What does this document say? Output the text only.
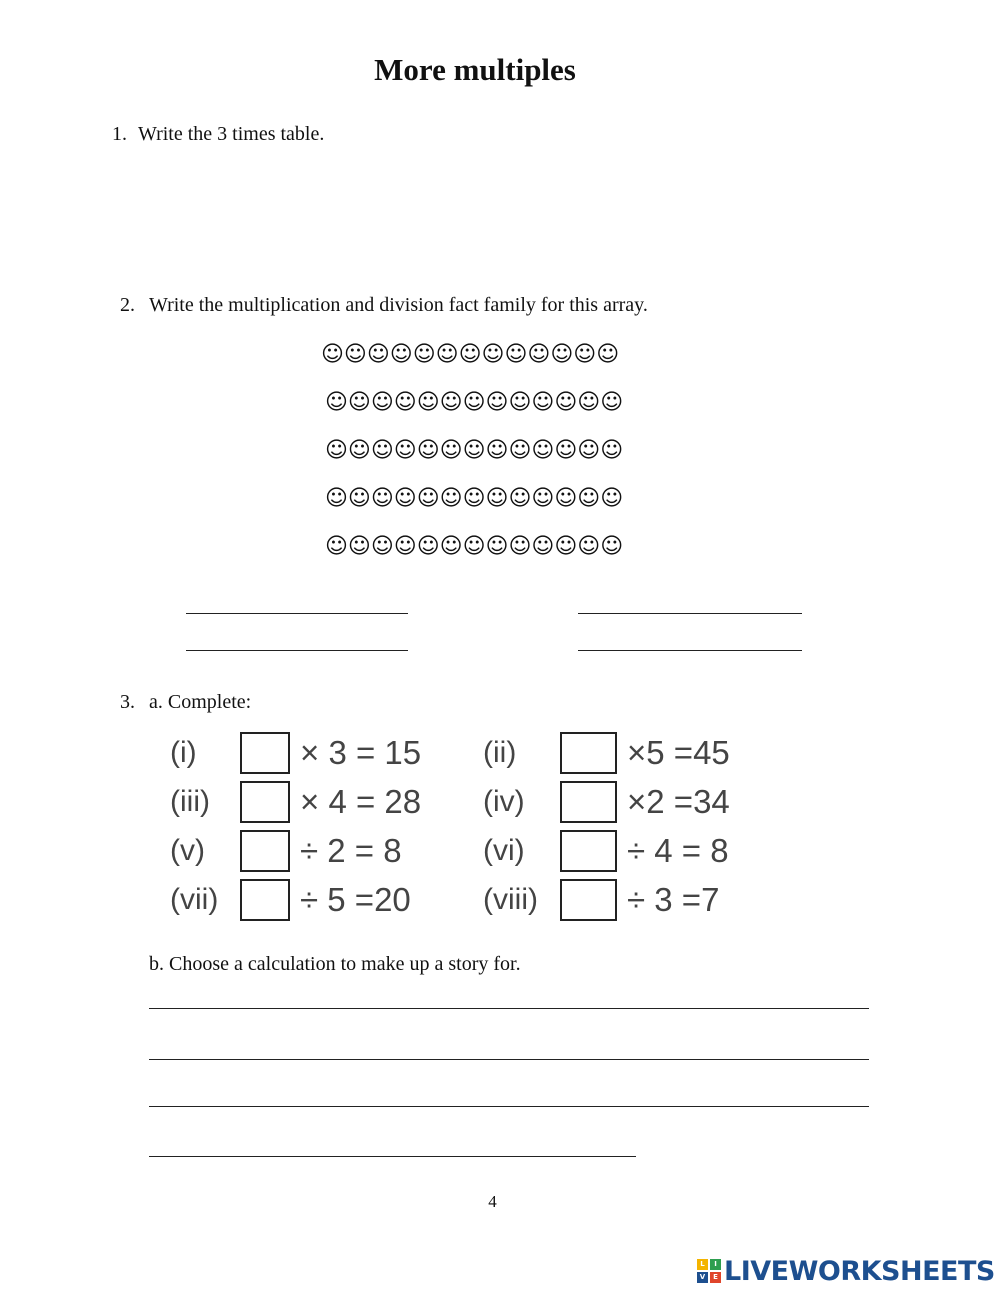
More multiples
1. Write the 3 times table.
2. Write the multiplication and division fact family for this array.
☺☺☺☺☺☺☺☺☺☺☺☺☺
☺☺☺☺☺☺☺☺☺☺☺☺☺
☺☺☺☺☺☺☺☺☺☺☺☺☺
☺☺☺☺☺☺☺☺☺☺☺☺☺
☺☺☺☺☺☺☺☺☺☺☺☺☺
3. a. Complete:
(i)	× 3 = 15 (ii)	×5 =45
(iii)	× 4 = 28 (iv)	×2 =34
(v)	÷ 2 = 8	(vi)	÷ 4 = 8
(vii)	÷ 5 =20 (viii)	÷ 3 =7
b. Choose a calculation to make up a story for.
4
L	I
V	E LIVEWORKSHEETS
